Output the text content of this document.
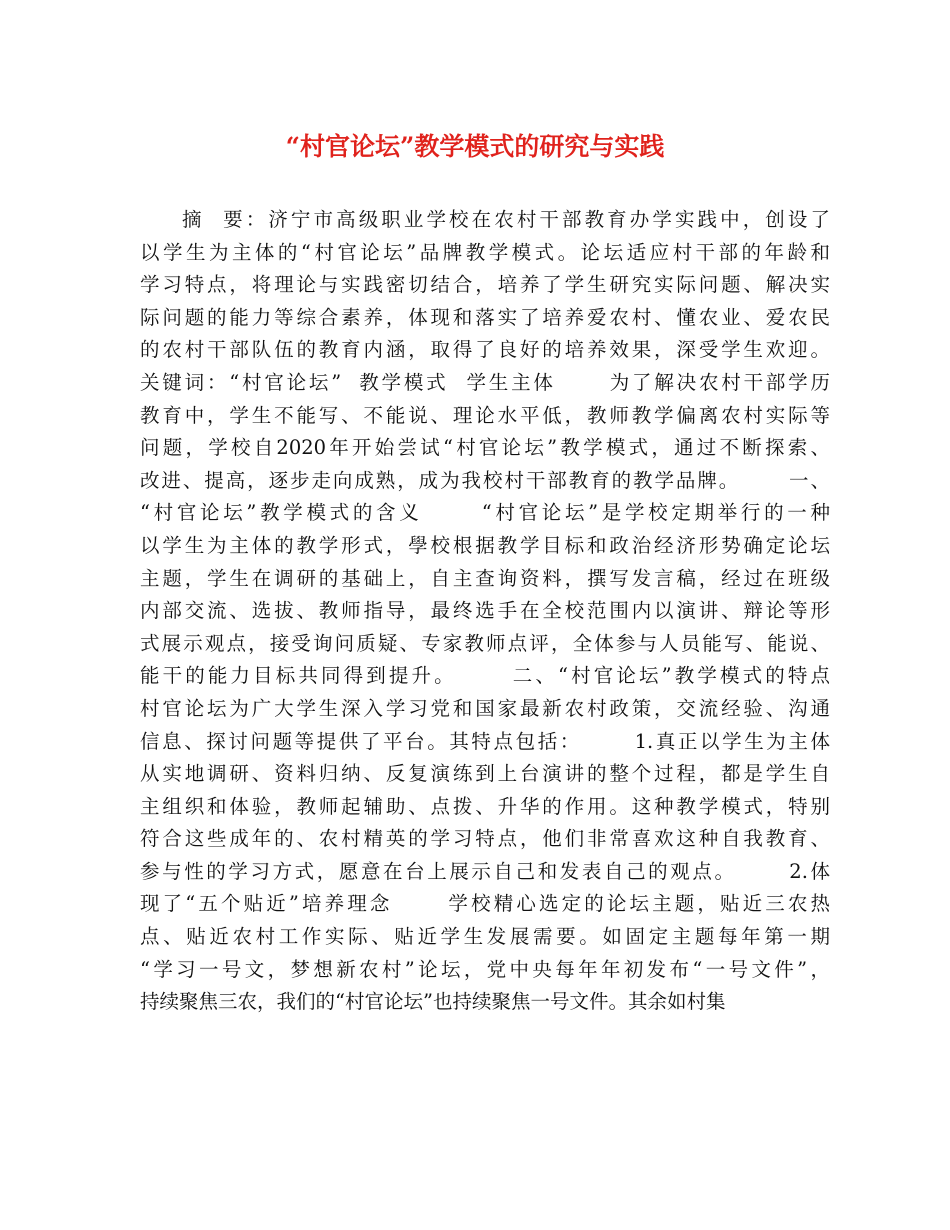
“村官论坛”教学模式的研究与实践
摘  要：济宁市高级职业学校在农村干部教育办学实践中，创设了
以学生为主体的“村官论坛”品牌教学模式。论坛适应村干部的年龄和
学习特点，将理论与实践密切结合，培养了学生研究实际问题、解决实
际问题的能力等综合素养，体现和落实了培养爱农村、懂农业、爱农民
的农村干部队伍的教育内涵，取得了良好的培养效果，深受学生欢迎。
关键词：“村官论坛”  教学模式  学生主体      为了解决农村干部学历
教育中，学生不能写、不能说、理论水平低，教师教学偏离农村实际等
问题，学校自2020年开始尝试“村官论坛”教学模式，通过不断探索、
改进、提高，逐步走向成熟，成为我校村干部教育的教学品牌。      一、
“村官论坛”教学模式的含义      “村官论坛”是学校定期举行的一种
以学生为主体的教学形式，學校根据教学目标和政治经济形势确定论坛
主题，学生在调研的基础上，自主查询资料，撰写发言稿，经过在班级
内部交流、选拔、教师指导，最终选手在全校范围内以演讲、辩论等形
式展示观点，接受询问质疑、专家教师点评，全体参与人员能写、能说、
能干的能力目标共同得到提升。      二、“村官论坛”教学模式的特点
村官论坛为广大学生深入学习党和国家最新农村政策，交流经验、沟通
信息、探讨问题等提供了平台。其特点包括：      1.真正以学生为主体
从实地调研、资料归纳、反复演练到上台演讲的整个过程，都是学生自
主组织和体验，教师起辅助、点拨、升华的作用。这种教学模式，特别
符合这些成年的、农村精英的学习特点，他们非常喜欢这种自我教育、
参与性的学习方式，愿意在台上展示自己和发表自己的观点。      2.体
现了“五个贴近”培养理念      学校精心选定的论坛主题，贴近三农热
点、贴近农村工作实际、贴近学生发展需要。如固定主题每年第一期
“学习一号文，梦想新农村”论坛，党中央每年年初发布“一号文件”，
持续聚焦三农，我们的“村官论坛”也持续聚焦一号文件。其余如村集
